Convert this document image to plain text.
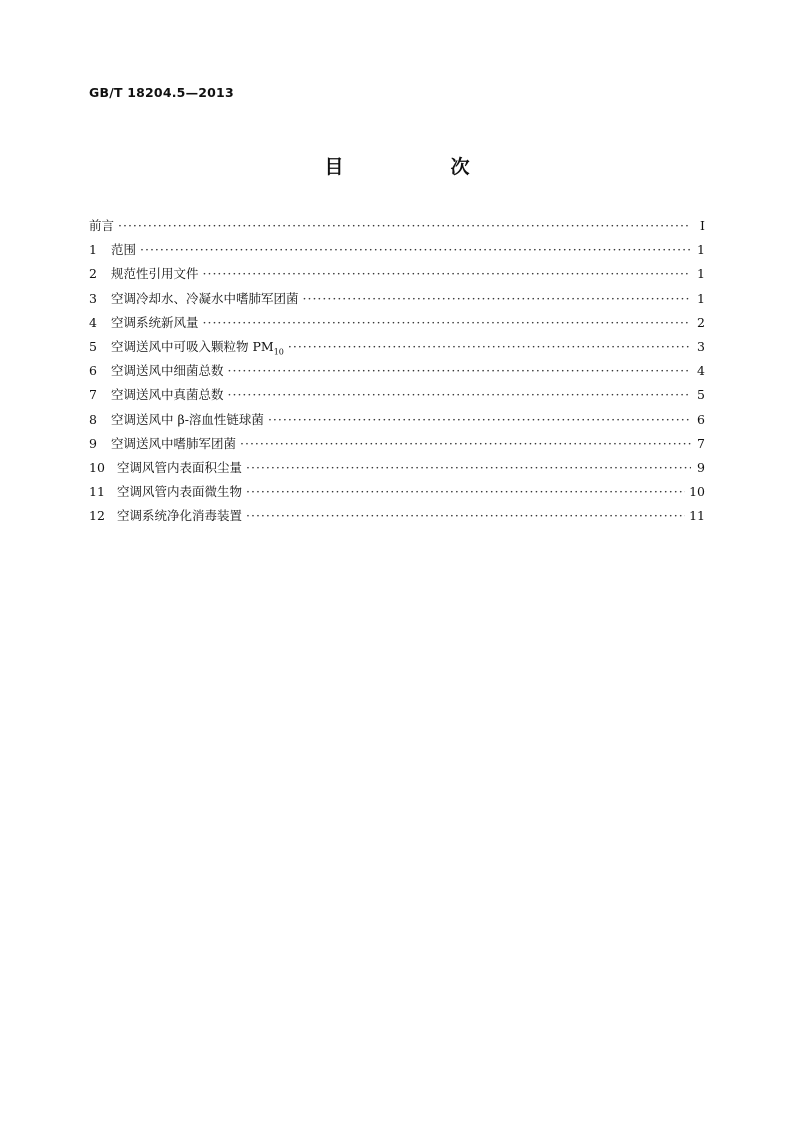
GB/T 18204.5—2013
目　次
前言 ·····	Ⅰ
1	范围 ·····	1
2	规范性引用文件 ·····	1
3	空调冷却水、冷凝水中嗜肺军团菌 ·····	1
4	空调系统新风量 ·····	2
5	空调送风中可吸入颗粒物 $PM_{10}$ ·····	3
6	空调送风中细菌总数 ·····	4
7	空调送风中真菌总数 ·····	5
8	空调送风中 β-溶血性链球菌 ·····	6
9	空调送风中嗜肺军团菌 ·····	7
10 空调风管内表面积尘量 ·····	9
11 空调风管内表面微生物 ·····	10
12 空调系统净化消毒装置 ·····	11
